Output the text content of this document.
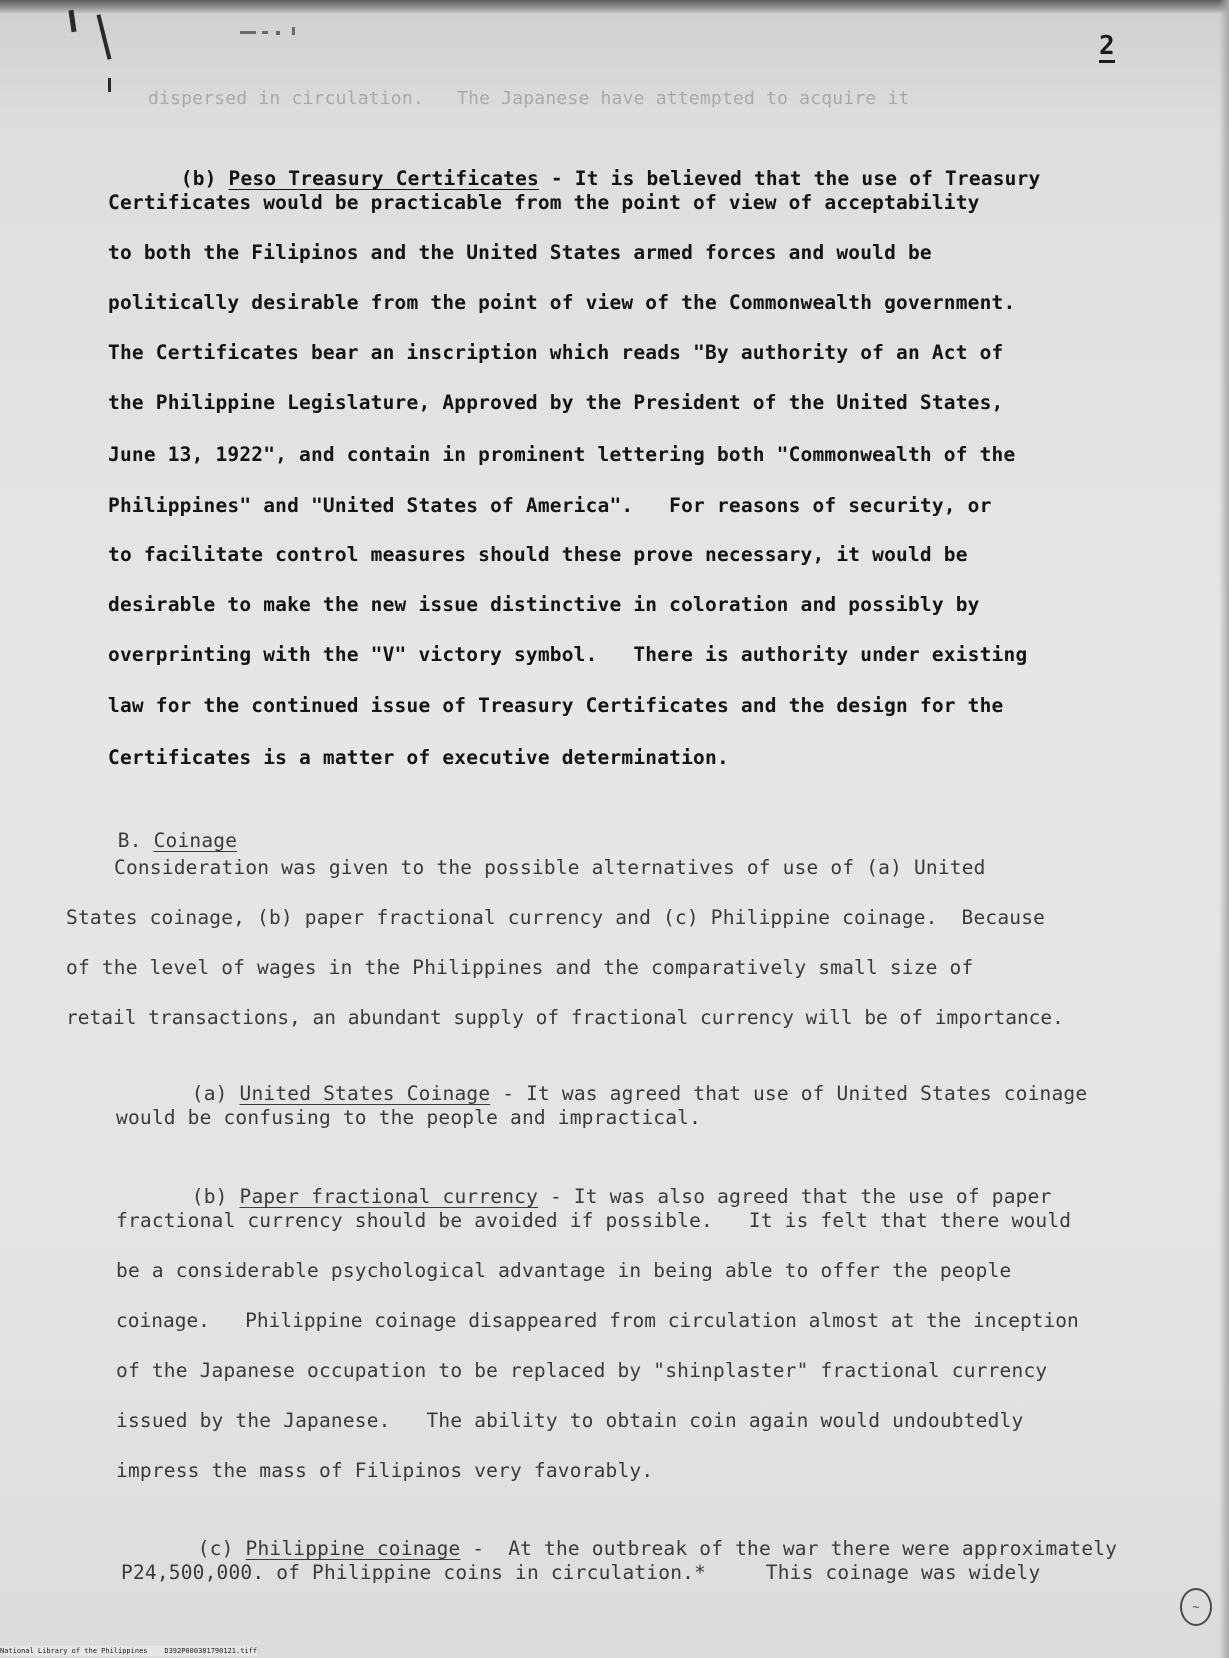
2
dispersed in circulation.   The Japanese have attempted to acquire it

(b) Peso Treasury Certificates - It is believed that the use of Treasury

Certificates would be practicable from the point of view of acceptability
to both the Filipinos and the United States armed forces and would be
politically desirable from the point of view of the Commonwealth government.
The Certificates bear an inscription which reads "By authority of an Act of
the Philippine Legislature, Approved by the President of the United States,
June 13, 1922", and contain in prominent lettering both "Commonwealth of the
Philippines" and "United States of America".   For reasons of security, or
to facilitate control measures should these prove necessary, it would be
desirable to make the new issue distinctive in coloration and possibly by
overprinting with the "V" victory symbol.   There is authority under existing
law for the continued issue of Treasury Certificates and the design for the
Certificates is a matter of executive determination.

B. Coinage

Consideration was given to the possible alternatives of use of (a) United
States coinage, (b) paper fractional currency and (c) Philippine coinage.  Because
of the level of wages in the Philippines and the comparatively small size of
retail transactions, an abundant supply of fractional currency will be of importance.

(a) United States Coinage - It was agreed that use of United States coinage

would be confusing to the people and impractical.

(b) Paper fractional currency - It was also agreed that the use of paper

fractional currency should be avoided if possible.   It is felt that there would
be a considerable psychological advantage in being able to offer the people
coinage.   Philippine coinage disappeared from circulation almost at the inception
of the Japanese occupation to be replaced by "shinplaster" fractional currency
issued by the Japanese.   The ability to obtain coin again would undoubtedly
impress the mass of Filipinos very favorably.

(c) Philippine coinage -  At the outbreak of the war there were approximately

P24,500,000. of Philippine coins in circulation.*     This coinage was widely
~
National Library of the Philippines    D392P000381790121.tiff
